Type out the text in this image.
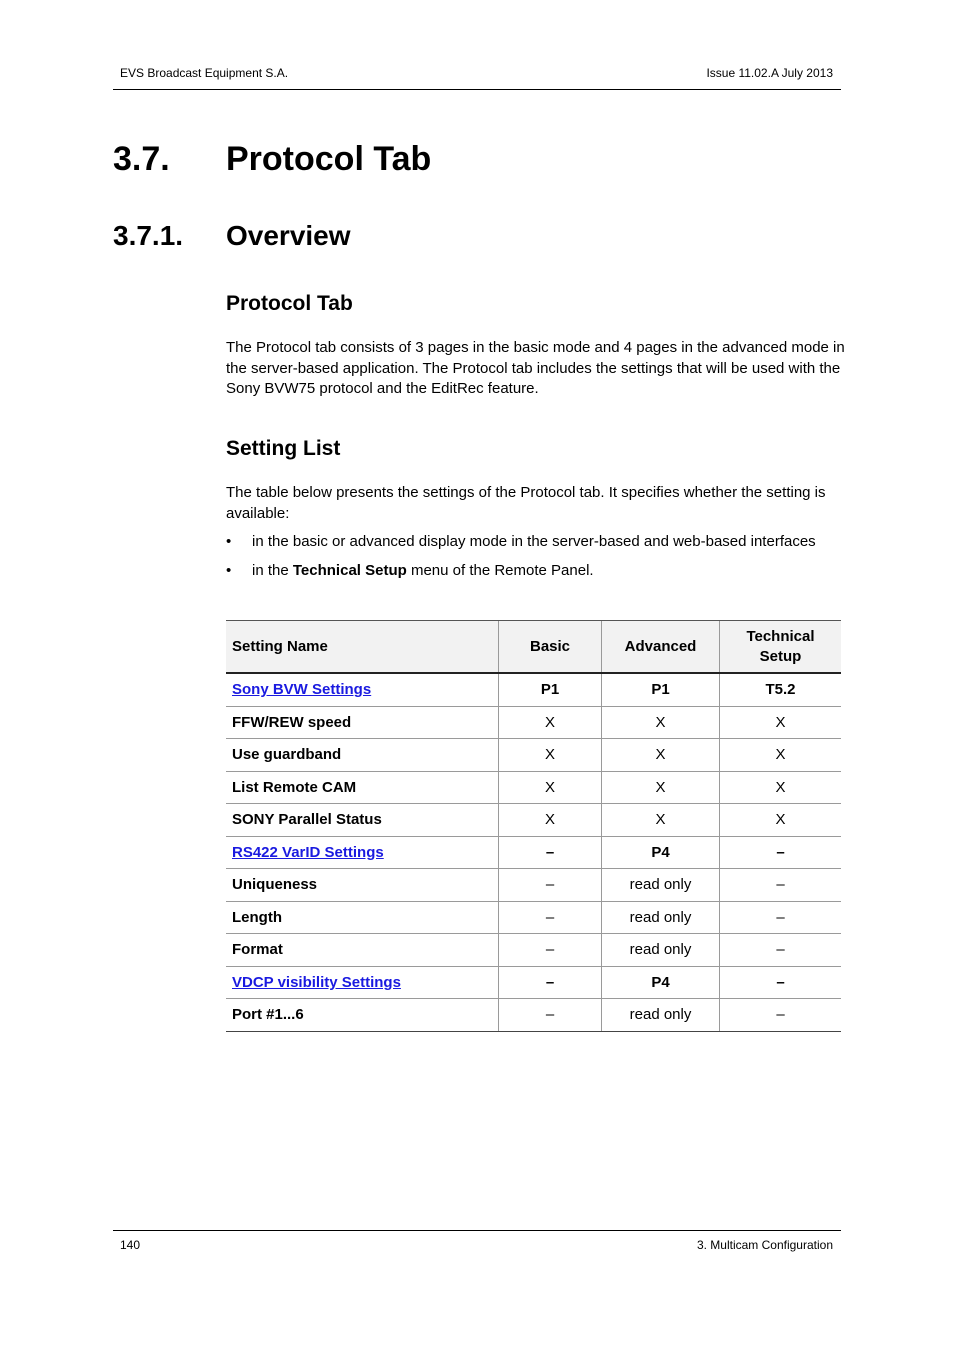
EVS Broadcast Equipment S.A.	Issue 11.02.A July 2013
3.7. Protocol Tab
3.7.1. Overview
Protocol Tab
The Protocol tab consists of 3 pages in the basic mode and 4 pages in the advanced mode in the server-based application. The Protocol tab includes the settings that will be used with the Sony BVW75 protocol and the EditRec feature.
Setting List
The table below presents the settings of the Protocol tab. It specifies whether the setting is available:
• in the basic or advanced display mode in the server-based and web-based interfaces
• in the Technical Setup menu of the Remote Panel.
Setting Name	Basic	Advanced	Technical Setup
Sony BVW Settings	P1	P1	T5.2
FFW/REW speed	X	X	X
Use guardband	X	X	X
List Remote CAM	X	X	X
SONY Parallel Status	X	X	X
RS422 VarID Settings	–	P4	–
Uniqueness	–	read only	–
Length	–	read only	–
Format	–	read only	–
VDCP visibility Settings	–	P4	–
Port #1...6	–	read only	–
140	3. Multicam Configuration
